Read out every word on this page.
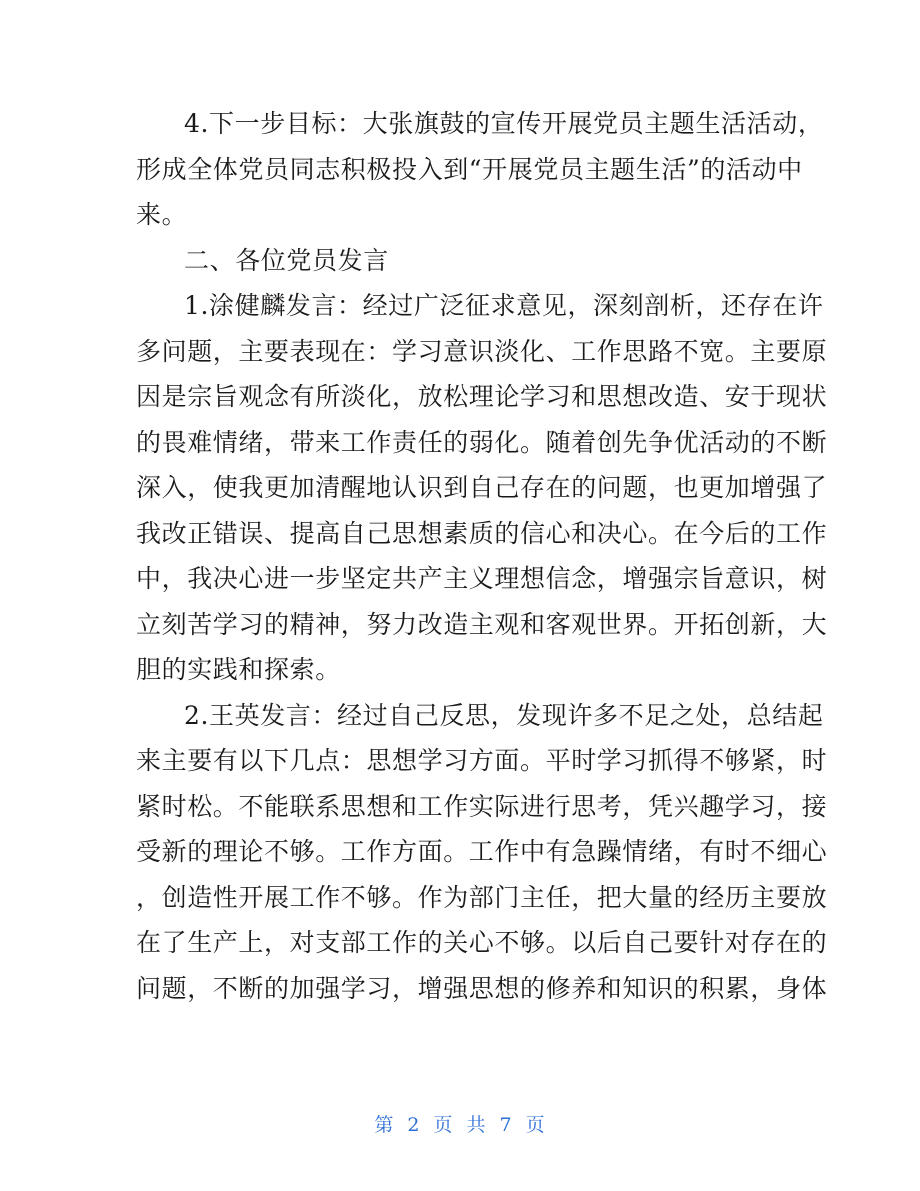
4.下一步目标：大张旗鼓的宣传开展党员主题生活活动，
形成全体党员同志积极投入到“开展党员主题生活”的活动中
来。
二、各位党员发言
1.涂健麟发言：经过广泛征求意见，深刻剖析，还存在许
多问题，主要表现在：学习意识淡化、工作思路不宽。主要原
因是宗旨观念有所淡化，放松理论学习和思想改造、安于现状
的畏难情绪，带来工作责任的弱化。随着创先争优活动的不断
深入，使我更加清醒地认识到自己存在的问题，也更加增强了
我改正错误、提高自己思想素质的信心和决心。在今后的工作
中，我决心进一步坚定共产主义理想信念，增强宗旨意识，树
立刻苦学习的精神，努力改造主观和客观世界。开拓创新，大
胆的实践和探索。
2.王英发言：经过自己反思，发现许多不足之处，总结起
来主要有以下几点：思想学习方面。平时学习抓得不够紧，时
紧时松。不能联系思想和工作实际进行思考，凭兴趣学习，接
受新的理论不够。工作方面。工作中有急躁情绪，有时不细心
，创造性开展工作不够。作为部门主任，把大量的经历主要放
在了生产上，对支部工作的关心不够。以后自己要针对存在的
问题，不断的加强学习，增强思想的修养和知识的积累，身体
第 2 页 共 7 页
